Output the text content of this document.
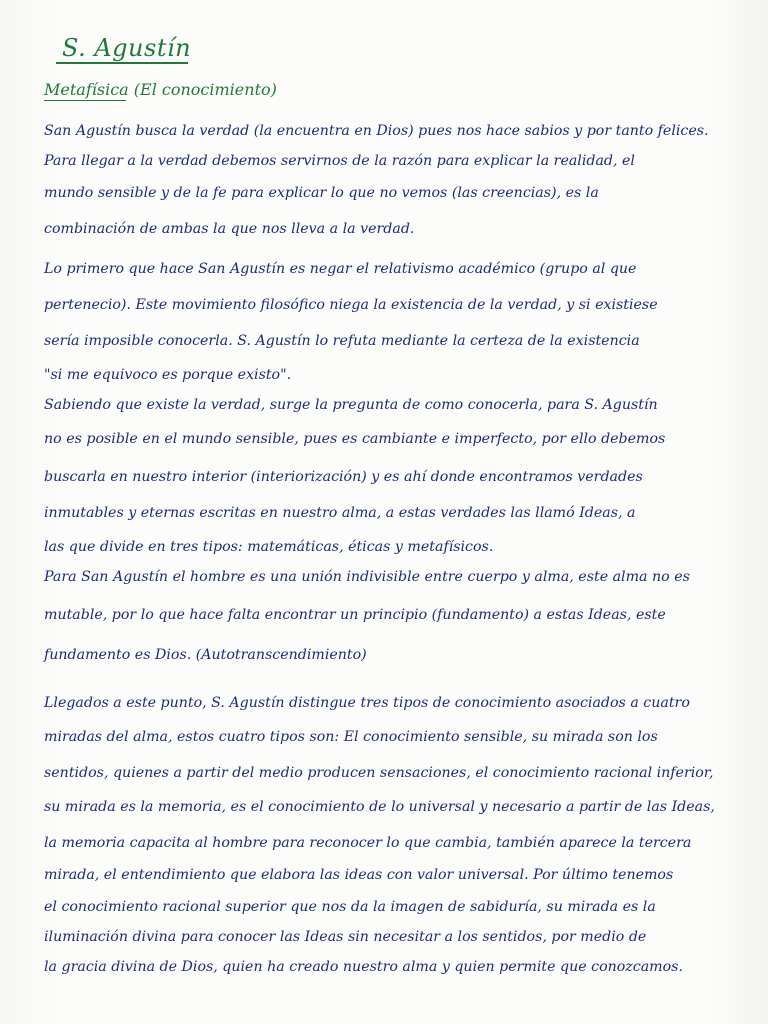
S. Agustín
Metafísica (El conocimiento)
San Agustín busca la verdad (la encuentra en Dios) pues nos hace sabios y por tanto felices.
Para llegar a la verdad debemos servirnos de la razón para explicar la realidad, el
mundo sensible y de la fe para explicar lo que no vemos (las creencias), es la
combinación de ambas la que nos lleva a la verdad.
Lo primero que hace San Agustín es negar el relativismo académico (grupo al que
pertenecio). Este movimiento filosófico niega la existencia de la verdad, y si existiese
sería imposible conocerla. S. Agustín lo refuta mediante la certeza de la existencia
"si me equivoco es porque existo".
Sabiendo que existe la verdad, surge la pregunta de como conocerla, para S. Agustín
no es posible en el mundo sensible, pues es cambiante e imperfecto, por ello debemos
buscarla en nuestro interior (interiorización) y es ahí donde encontramos verdades
inmutables y eternas escritas en nuestro alma, a estas verdades las llamó Ideas, a
las que divide en tres tipos: matemáticas, éticas y metafísicos.
Para San Agustín el hombre es una unión indivisible entre cuerpo y alma, este alma no es
mutable, por lo que hace falta encontrar un principio (fundamento) a estas Ideas, este
fundamento es Dios. (Autotranscendimiento)
Llegados a este punto, S. Agustín distingue tres tipos de conocimiento asociados a cuatro
miradas del alma, estos cuatro tipos son: El conocimiento sensible, su mirada son los
sentidos, quienes a partir del medio producen sensaciones, el conocimiento racional inferior,
su mirada es la memoria, es el conocimiento de lo universal y necesario a partir de las Ideas,
la memoria capacita al hombre para reconocer lo que cambia, también aparece la tercera
mirada, el entendimiento que elabora las ideas con valor universal. Por último tenemos
el conocimiento racional superior que nos da la imagen de sabiduría, su mirada es la
iluminación divina para conocer las Ideas sin necesitar a los sentidos, por medio de
la gracia divina de Dios, quien ha creado nuestro alma y quien permite que conozcamos.
